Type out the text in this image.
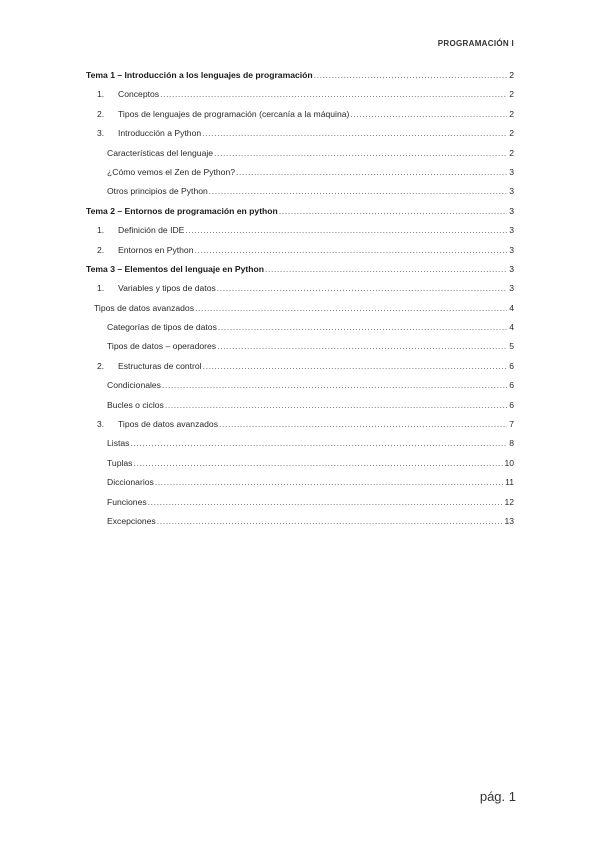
PROGRAMACIÓN I
Tema 1 – Introducción a los lenguajes de programación .....	2
1.	Conceptos .....	2
2.	Tipos de lenguajes de programación (cercanía a la máquina) .....	2
3.	Introducción a Python .....	2
Características del lenguaje .....	2
¿Cómo vemos el Zen de Python? .....	3
Otros principios de Python .....	3
Tema 2 – Entornos de programación en python .....	3
1.	Definición de IDE .....	3
2.	Entornos en Python .....	3
Tema 3 – Elementos del lenguaje en Python .....	3
1.	Variables y tipos de datos .....	3
Tipos de datos avanzados .....	4
Categorías de tipos de datos .....	4
Tipos de datos – operadores .....	5
2.	Estructuras de control .....	6
Condicionales .....	6
Bucles o ciclos .....	6
3.	Tipos de datos avanzados .....	7
Listas .....	8
Tuplas .....	10
Diccionarios .....	11
Funciones .....	12
Excepciones .....	13
pág. 1
